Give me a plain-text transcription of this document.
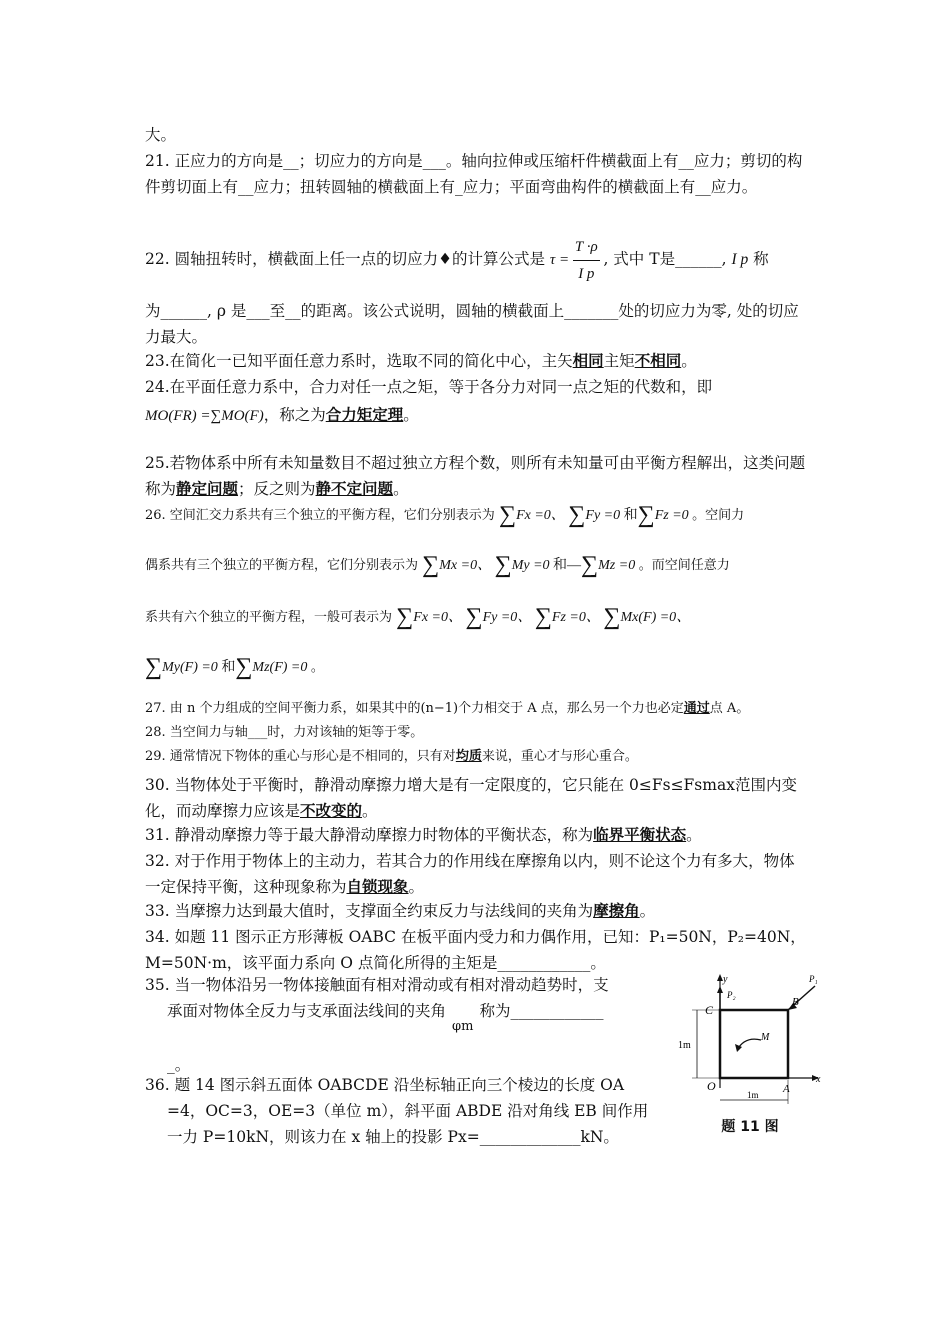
大。

21. 正应力的方向是__；切应力的方向是___。轴向拉伸或压缩杆件横截面上有__应力；剪切的构件剪切面上有__应力；扭转圆轴的横截面上有_应力；平面弯曲构件的横截面上有__应力。

22. 圆轴扭转时，横截面上任一点的切应力♦的计算公式是 $\tau = \frac{T \cdot\rho}{\text{I p}}$ , 式中 T是______, I p 称

为______, ρ 是___至__的距离。该公式说明，圆轴的横截面上_______处的切应力为零, 处的切应力最大。

23.在简化一已知平面任意力系时，选取不同的简化中心，主矢相同主矩不相同。

24.在平面任意力系中，合力对任一点之矩，等于各分力对同一点之矩的代数和，即

MO(FR) =∑MO(F)，称之为合力矩定理。

25.若物体系中所有未知量数目不超过独立方程个数，则所有未知量可由平衡方程解出，这类问题称为静定问题；反之则为静不定问题。

26. 空间汇交力系共有三个独立的平衡方程，它们分别表示为 ∑Fx =0、 ∑Fy =0 和∑Fz =0 。空间力

偶系共有三个独立的平衡方程，它们分别表示为 ∑Mx =0、 ∑My =0 和—∑Mz =0 。而空间任意力

系共有六个独立的平衡方程，一般可表示为 ∑Fx =0、 ∑Fy =0、 ∑Fz =0、 ∑Mx(F) =0、

∑My(F) =0 和∑Mz(F) =0 。

27. 由 n 个力组成的空间平衡力系，如果其中的(n−1)个力相交于 A 点，那么另一个力也必定通过点 A。

28. 当空间力与轴___时，力对该轴的矩等于零。

29. 通常情况下物体的重心与形心是不相同的，只有对均质来说，重心才与形心重合。

30. 当物体处于平衡时，静滑动摩擦力增大是有一定限度的，它只能在 0≤Fs≤Fsmax范围内变化，而动摩擦力应该是不改变的。

31. 静滑动摩擦力等于最大静滑动摩擦力时物体的平衡状态，称为临界平衡状态。

32. 对于作用于物体上的主动力，若其合力的作用线在摩擦角以内，则不论这个力有多大，物体一定保持平衡，这种现象称为自锁现象。

33. 当摩擦力达到最大值时，支撑面全约束反力与法线间的夹角为摩擦角。

34. 如题 11 图示正方形薄板 OABC 在板平面内受力和力偶作用，已知：P₁=50N，P₂=40N，M=50N·m，该平面力系向 O 点简化所得的主矩是____________。

35. 当一物体沿另一物体接触面有相对滑动或有相对滑动趋势时，支
承面对物体全反力与支承面法线间的夹角$_{\varphi m}$称为____________
_。
36. 题 14 图示斜五面体 OABCDE 沿坐标轴正向三个棱边的长度 OA
=4，OC=3，OE=3（单位 m），斜平面 ABDE 沿对角线 EB 间作用
一力 P=10kN，则该力在 x 轴上的投影 Px=_____________kN。
y
x
C
B
O	A
P₁
P₂
M
1m
1m
题 11 图
